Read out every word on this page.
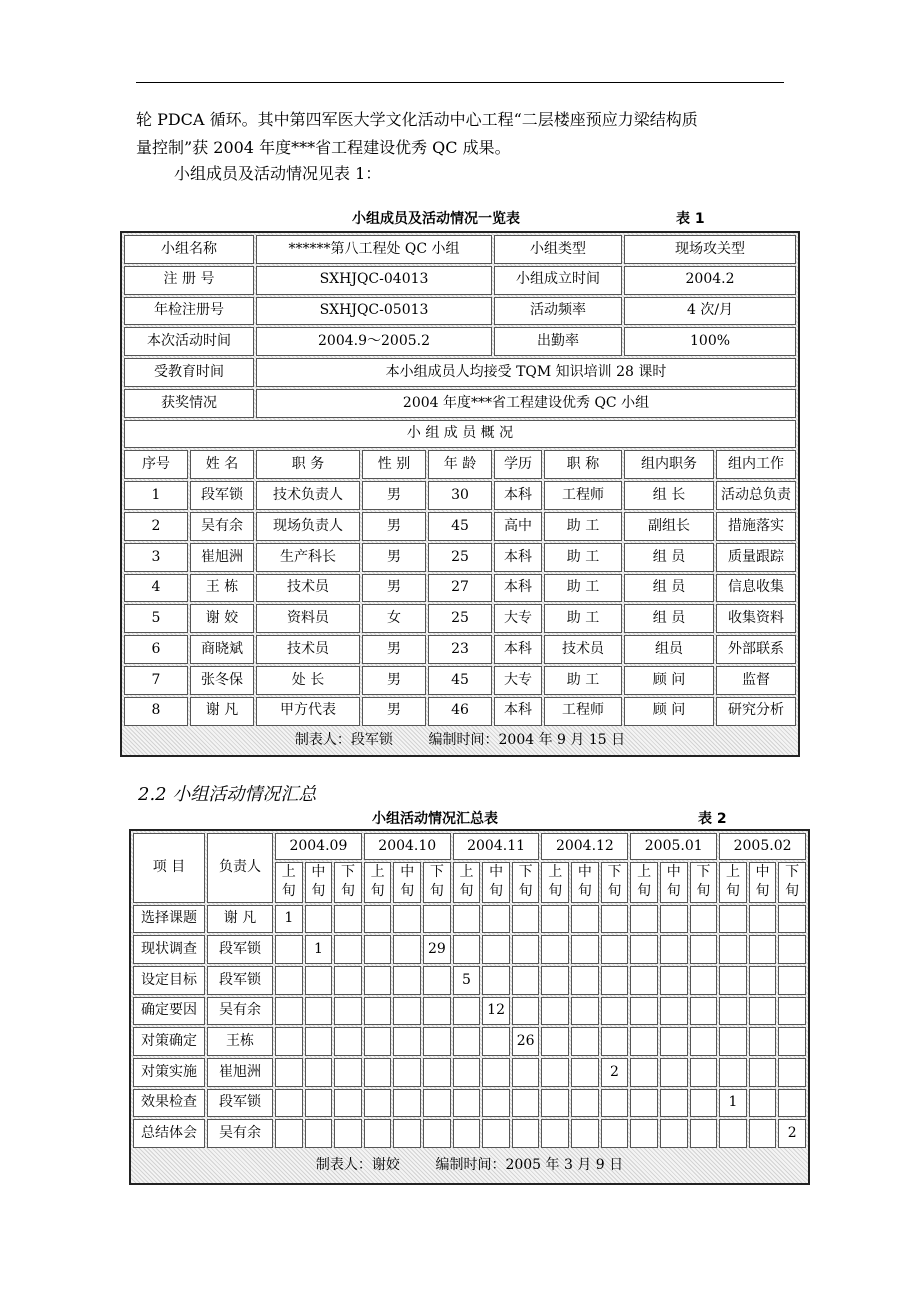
轮 PDCA 循环。其中第四军医大学文化活动中心工程“二层楼座预应力梁结构质
量控制”获 2004 年度***省工程建设优秀 QC 成果。
小组成员及活动情况见表 1：
小组成员及活动情况一览表	表 1
小组名称		******第八工程处 QC 小组			小组类型		现场攻关型	
注 册 号		SXHJQC-04013			小组成立时间		2004.2	
年检注册号		SXHJQC-05013			活动频率		4 次/月	
本次活动时间		2004.9～2005.2			出勤率		100%	
受教育时间		本小组成员人均接受 TQM 知识培训 28 课时						
获奖情况		2004 年度***省工程建设优秀 QC 小组						
小 组 成 员 概 况								
序号	姓 名	职 务	性 别	年 龄	学历	职 称	组内职务	组内工作
1	段军锁	技术负责人	男	30	本科	工程师	组 长	活动总负责
2	吴有余	现场负责人	男	45	高中	助 工	副组长	措施落实
3	崔旭洲	生产科长	男	25	本科	助 工	组 员	质量跟踪
4	王 栋	技术员	男	27	本科	助 工	组 员	信息收集
5	谢 姣	资料员	女	25	大专	助 工	组 员	收集资料
6	商晓斌	技术员	男	23	本科	技术员	组员	外部联系
7	张冬保	处 长	男	45	大专	助 工	顾 问	监督
8	谢 凡	甲方代表	男	46	本科	工程师	顾 问	研究分析
制表人：段军锁        编制时间：2004 年 9 月 15 日								
2.2 小组活动情况汇总
小组活动情况汇总表	表 2
项 目	负责人	2004.09			2004.10			2004.11			2004.12			2005.01			2005.02		
		上旬	中旬	下旬	上旬	中旬	下旬	上旬	中旬	下旬	上旬	中旬	下旬	上旬	中旬	下旬	上旬	中旬	下旬
选择课题	谢 凡	1																	
现状调查	段军锁		1				29												
设定目标	段军锁							5											
确定要因	吴有余								12										
对策确定	王栋									26									
对策实施	崔旭洲												2						
效果检查	段军锁																1		
总结体会	吴有余																		2
制表人：谢姣        编制时间：2005 年 3 月 9 日																			
